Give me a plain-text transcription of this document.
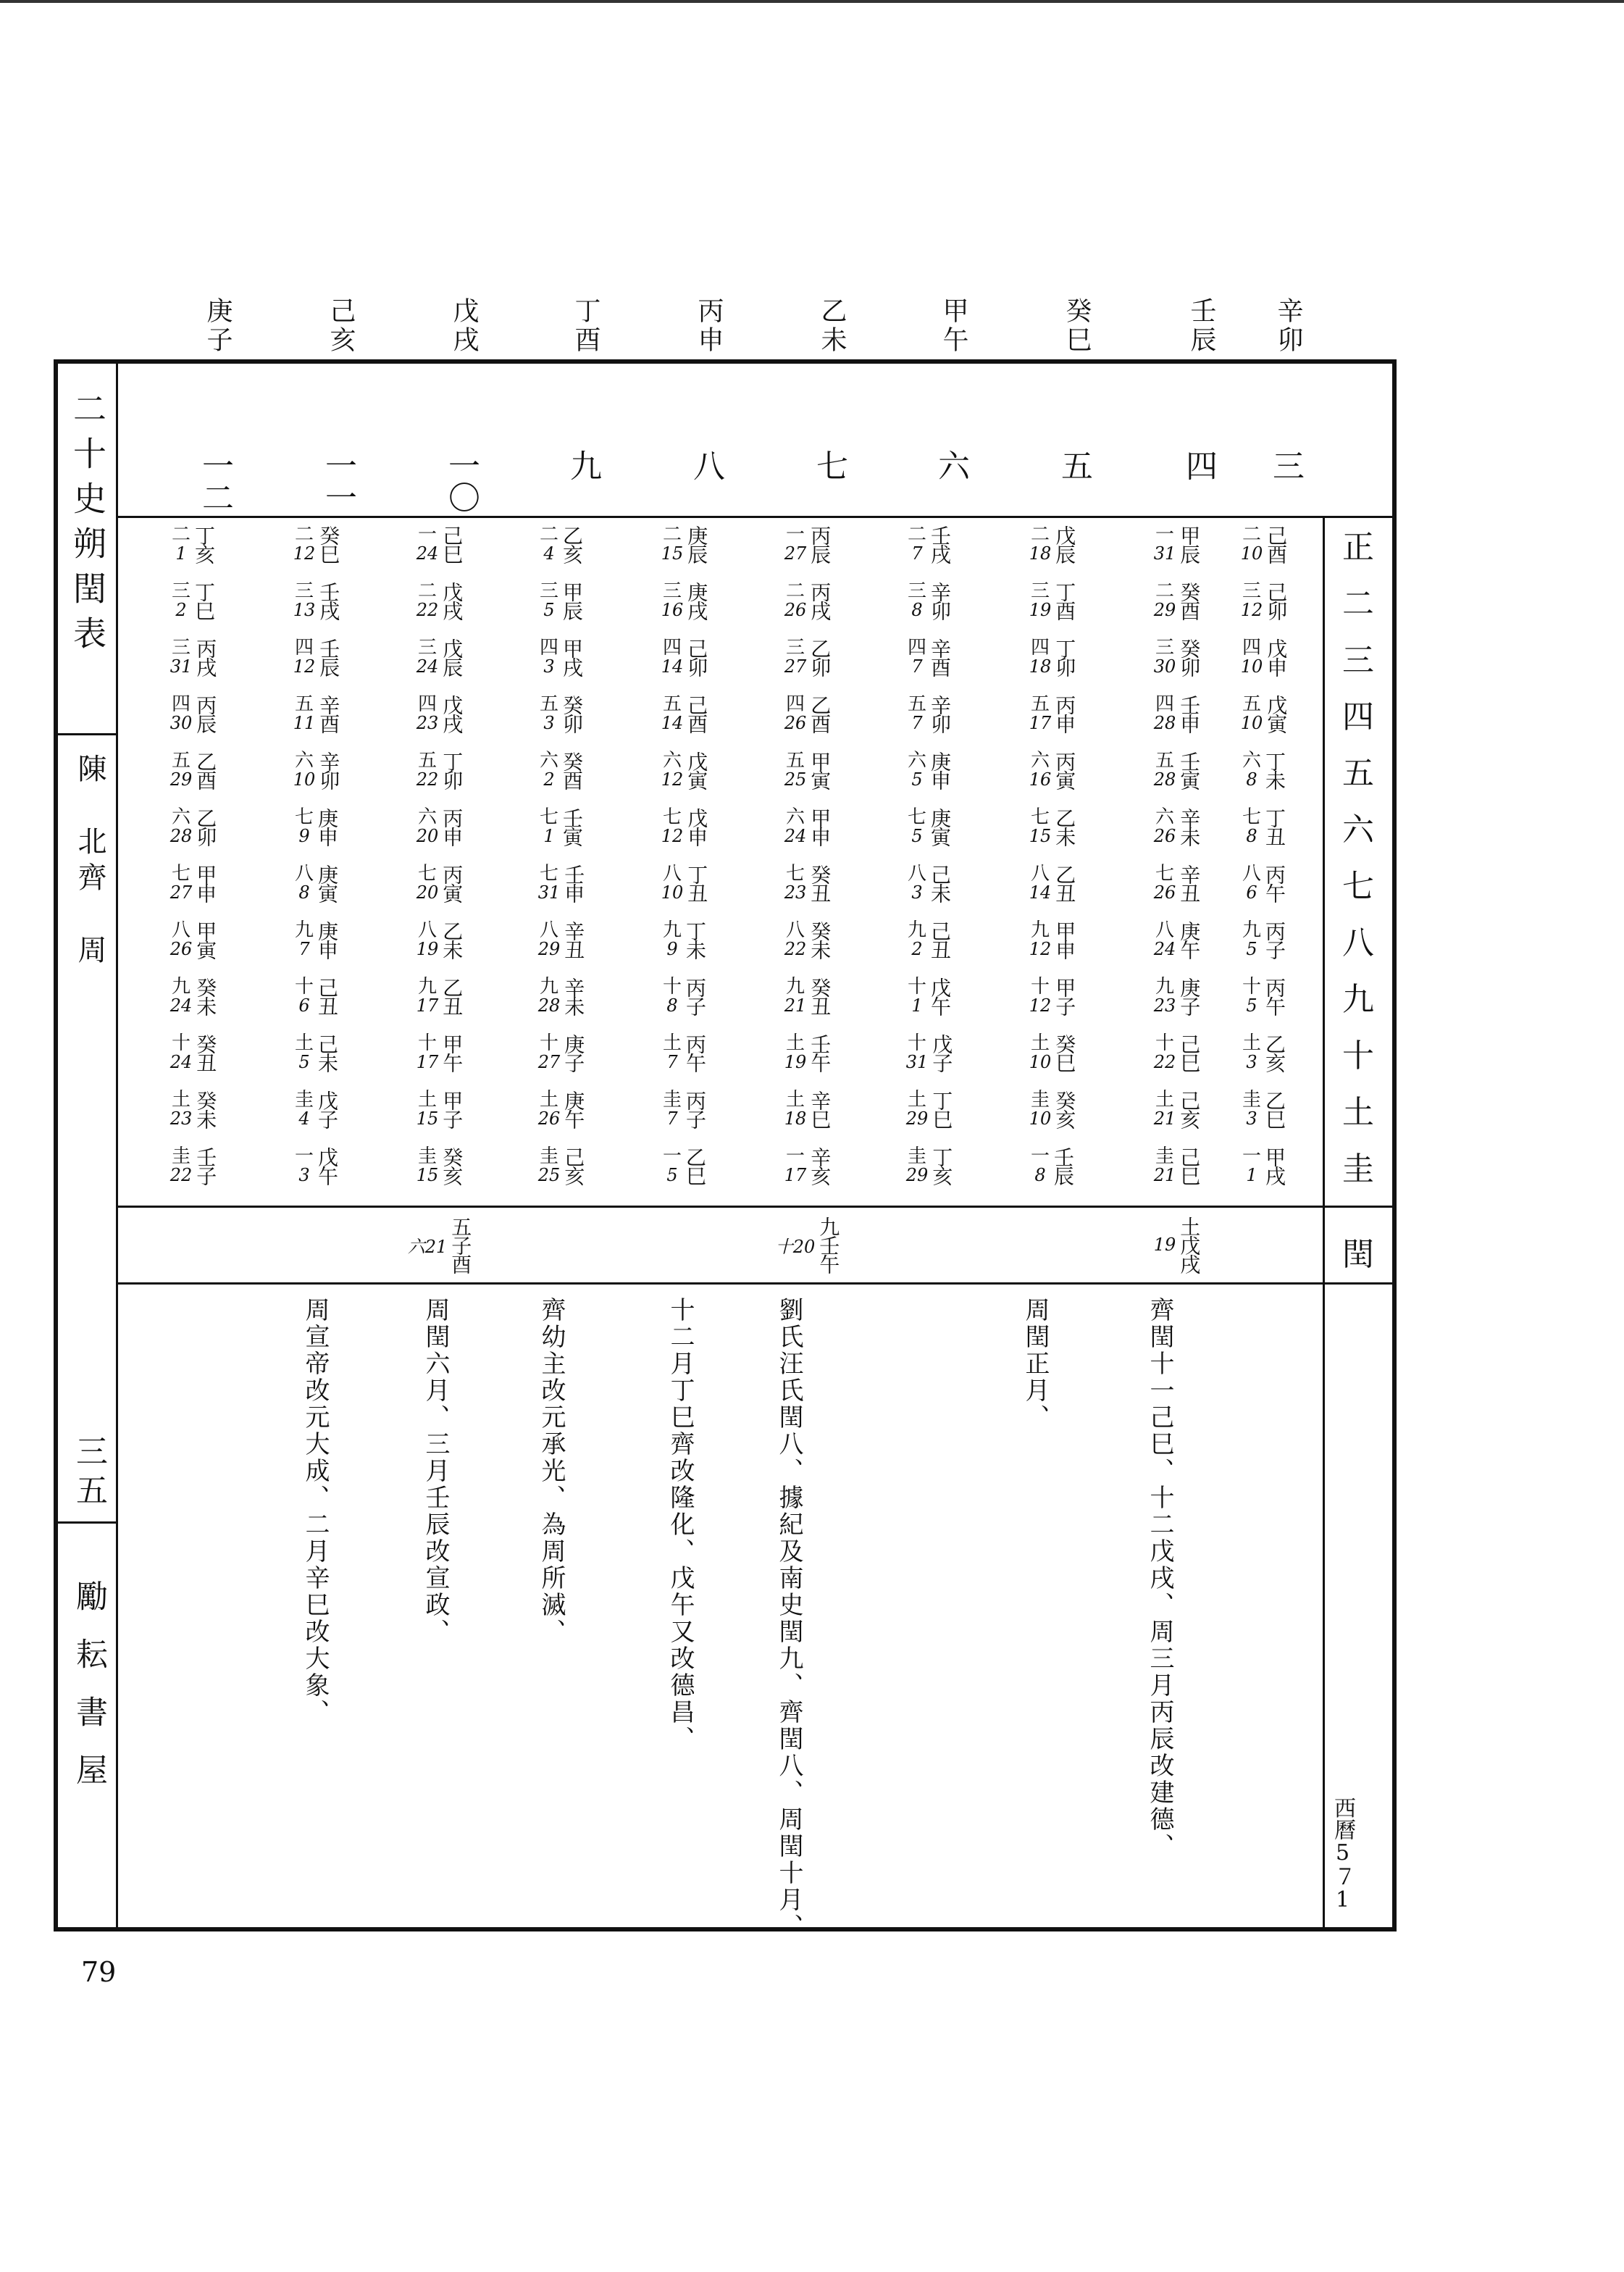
辛卯
壬辰
癸巳
甲午
乙未
丙申
丁酉
戊戌
己亥
庚子
二十史朔閏表
陳　北齊　周
三五
勵耘書屋
西曆5７1
79
三
己酉
二
10
己卯
三
12
戊申
四
10
戊寅
五
10
丁未
六
8
丁丑
七
8
丙午
八
6
丙子
九
5
丙午
十
5
乙亥
土
3
乙巳
圭
3
甲戌
一
1
四
甲辰
一
31
癸酉
二
29
癸卯
三
30
壬申
四
28
壬寅
五
28
辛未
六
26
辛丑
七
26
庚午
八
24
庚子
九
23
己巳
十
22
己亥
土
21
己巳
圭
21
土戊戌
19
五
戊辰
二
18
丁酉
三
19
丁卯
四
18
丙申
五
17
丙寅
六
16
乙未
七
15
乙丑
八
14
甲申
九
12
甲子
十
12
癸巳
土
10
癸亥
圭
10
壬辰
一
8
六
壬戌
二
7
辛卯
三
8
辛酉
四
7
辛卯
五
7
庚申
六
5
庚寅
七
5
己未
八
3
己丑
九
2
戊午
十
1
戊子
十
31
丁巳
土
29
丁亥
圭
29
七
丙辰
一
27
丙戌
二
26
乙卯
三
27
乙酉
四
26
甲寅
五
25
甲申
六
24
癸丑
七
23
癸未
八
22
癸丑
九
21
壬午
土
19
辛巳
土
18
辛亥
一
17
九壬午
十20
八
庚辰
二
15
庚戌
三
16
己卯
四
14
己酉
五
14
戊寅
六
12
戊申
七
12
丁丑
八
10
丁未
九
9
丙子
十
8
丙午
土
7
丙子
圭
7
乙巳
一
5
九
乙亥
二
4
甲辰
三
5
甲戌
四
3
癸卯
五
3
癸酉
六
2
壬寅
七
1
壬申
七
31
辛丑
八
29
辛未
九
28
庚子
十
27
庚午
土
26
己亥
圭
25
一〇
己巳
一
24
戊戌
二
22
戊辰
三
24
戊戌
四
23
丁卯
五
22
丙申
六
20
丙寅
七
20
乙未
八
19
乙丑
九
17
甲午
十
17
甲子
土
15
癸亥
圭
15
五子酉
六21
一一
癸巳
二
12
壬戌
三
13
壬辰
四
12
辛酉
五
11
辛卯
六
10
庚申
七
9
庚寅
八
8
庚申
九
7
己丑
十
6
己未
土
5
戊子
圭
4
戊午
一
3
一二
丁亥
二
1
丁巳
三
2
丙戌
三
31
丙辰
四
30
乙酉
五
29
乙卯
六
28
甲申
七
27
甲寅
八
26
癸未
九
24
癸丑
十
24
癸未
土
23
壬子
圭
22
正
二
三
四
五
六
七
八
九
十
土
圭
閏
齊閏十一己巳、十二戊戌、周三月丙辰改建德、
周閏正月、
劉氏汪氏閏八、據紀及南史閏九、齊閏八、周閏十月、
十二月丁巳齊改隆化、戊午又改德昌、
齊幼主改元承光、為周所滅、
周閏六月、三月壬辰改宣政、
周宣帝改元大成、二月辛巳改大象、
